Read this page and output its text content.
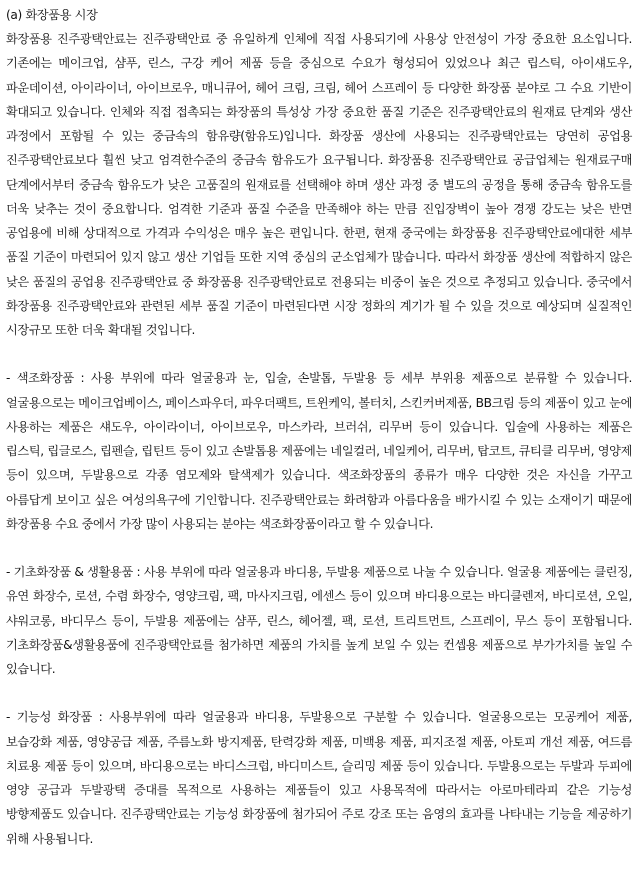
(a) 화장품용 시장

화장품용 진주광택안료는 진주광택안료 중 유일하게 인체에 직접 사용되기에 사용상 안전성이 가장 중요한 요소입니다. 기존에는 메이크업, 샴푸, 린스, 구강 케어 제품 등을 중심으로 수요가 형성되어 있었으나 최근 립스틱, 아이섀도우, 파운데이션, 아이라이너, 아이브로우, 매니큐어, 헤어 크림, 크림, 헤어 스프레이 등 다양한 화장품 분야로 그 수요 기반이 확대되고 있습니다. 인체와 직접 접촉되는 화장품의 특성상 가장 중요한 품질 기준은 진주광택안료의 원재료 단계와 생산 과정에서 포함될 수 있는 중금속의 함유량(함유도)입니다. 화장품 생산에 사용되는 진주광택안료는 당연히 공업용 진주광택안료보다 훨씬 낮고 엄격한수준의 중금속 함유도가 요구됩니다. 화장품용 진주광택안료 공급업체는 원재료구매 단계에서부터 중금속 함유도가 낮은 고품질의 원재료를 선택해야 하며 생산 과정 중 별도의 공정을 통해 중금속 함유도를 더욱 낮추는 것이 중요합니다. 엄격한 기준과 품질 수준을 만족해야 하는 만큼 진입장벽이 높아 경쟁 강도는 낮은 반면 공업용에 비해 상대적으로 가격과 수익성은 매우 높은 편입니다. 한편, 현재 중국에는 화장품용 진주광택안료에대한 세부 품질 기준이 마련되어 있지 않고 생산 기업들 또한 지역 중심의 군소업체가 많습니다. 따라서 화장품 생산에 적합하지 않은 낮은 품질의 공업용 진주광택안료 중 화장품용 진주광택안료로 전용되는 비중이 높은 것으로 추정되고 있습니다. 중국에서 화장품용 진주광택안료와 관련된 세부 품질 기준이 마련된다면 시장 정화의 계기가 될 수 있을 것으로 예상되며 실질적인 시장규모 또한 더욱 확대될 것입니다.

- 색조화장품 : 사용 부위에 따라 얼굴용과 눈, 입술, 손발톱, 두발용 등 세부 부위용 제품으로 분류할 수 있습니다. 얼굴용으로는 메이크업베이스, 페이스파우더, 파우더팩트, 트윈케익, 볼터치, 스킨커버제품, BB크림 등의 제품이 있고 눈에 사용하는 제품은 섀도우, 아이라이너, 아이브로우, 마스카라, 브러쉬, 리무버 등이 있습니다. 입술에 사용하는 제품은 립스틱, 립글로스, 립펜슬, 립틴트 등이 있고 손발톱용 제품에는 네일컬러, 네일케어, 리무버, 탑코트, 큐티클 리무버, 영양제 등이 있으며, 두발용으로 각종 염모제와 탈색제가 있습니다. 색조화장품의 종류가 매우 다양한 것은 자신을 가꾸고 아름답게 보이고 싶은 여성의욕구에 기인합니다. 진주광택안료는 화려함과 아름다움을 배가시킬 수 있는 소재이기 때문에 화장품용 수요 중에서 가장 많이 사용되는 분야는 색조화장품이라고 할 수 있습니다.

- 기초화장품 & 생활용품 : 사용 부위에 따라 얼굴용과 바디용, 두발용 제품으로 나눌 수 있습니다. 얼굴용 제품에는 클린징, 유연 화장수, 로션, 수렴 화장수, 영양크림, 팩, 마사지크림, 에센스 등이 있으며 바디용으로는 바디클렌저, 바디로션, 오일, 샤워코롱, 바디무스 등이, 두발용 제품에는 샴푸, 린스, 헤어젤, 팩, 로션, 트리트먼트, 스프레이, 무스 등이 포함됩니다. 기초화장품&생활용품에 진주광택안료를 첨가하면 제품의 가치를 높게 보일 수 있는 컨셉용 제품으로 부가가치를 높일 수 있습니다.

- 기능성 화장품 : 사용부위에 따라 얼굴용과 바디용, 두발용으로 구분할 수 있습니다. 얼굴용으로는 모공케어 제품, 보습강화 제품, 영양공급 제품, 주름노화 방지제품, 탄력강화 제품, 미백용 제품, 피지조절 제품, 아토피 개선 제품, 여드름 치료용 제품 등이 있으며, 바디용으로는 바디스크럽, 바디미스트, 슬리밍 제품 등이 있습니다. 두발용으로는 두발과 두피에 영양 공급과 두발광택 증대를 목적으로 사용하는 제품들이 있고 사용목적에 따라서는 아로마테라피 같은 기능성 방향제품도 있습니다. 진주광택안료는 기능성 화장품에 첨가되어 주로 강조 또는 음영의 효과를 나타내는 기능을 제공하기 위해 사용됩니다.
